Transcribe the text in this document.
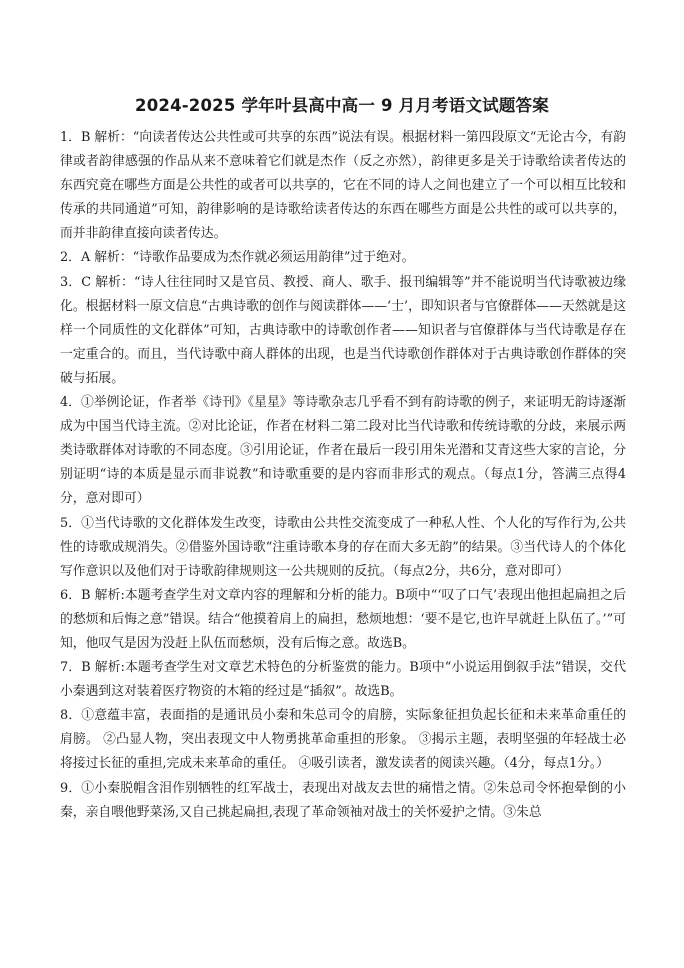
2024-2025 学年叶县高中高一 9 月月考语文试题答案

1．B 解析：“向读者传达公共性或可共享的东西”说法有误。根据材料一第四段原文“无论古今，有韵律或者韵律感强的作品从来不意味着它们就是杰作（反之亦然），韵律更多是关于诗歌给读者传达的东西究竟在哪些方面是公共性的或者可以共享的，它在不同的诗人之间也建立了一个可以相互比较和传承的共同通道”可知，韵律影响的是诗歌给读者传达的东西在哪些方面是公共性的或可以共享的，而并非韵律直接向读者传达。

2．A 解析：“诗歌作品要成为杰作就必须运用韵律”过于绝对。

3．C 解析：“诗人往往同时又是官员、教授、商人、歌手、报刊编辑等”并不能说明当代诗歌被边缘化。根据材料一原文信息“古典诗歌的创作与阅读群体——‘士’，即知识者与官僚群体——天然就是这样一个同质性的文化群体”可知，古典诗歌中的诗歌创作者——知识者与官僚群体与当代诗歌是存在一定重合的。而且，当代诗歌中商人群体的出现，也是当代诗歌创作群体对于古典诗歌创作群体的突破与拓展。

4．①举例论证，作者举《诗刊》《星星》等诗歌杂志几乎看不到有韵诗歌的例子，来证明无韵诗逐渐成为中国当代诗主流。②对比论证，作者在材料二第二段对比当代诗歌和传统诗歌的分歧，来展示两类诗歌群体对诗歌的不同态度。③引用论证，作者在最后一段引用朱光潜和艾青这些大家的言论，分别证明“诗的本质是显示而非说教”和诗歌重要的是内容而非形式的观点。（每点1分，答满三点得4分，意对即可）

5．①当代诗歌的文化群体发生改变，诗歌由公共性交流变成了一种私人性、个人化的写作行为,公共性的诗歌成规消失。②借鉴外国诗歌“注重诗歌本身的存在而大多无韵”的结果。③当代诗人的个体化写作意识以及他们对于诗歌韵律规则这一公共规则的反抗。（每点2分，共6分，意对即可）

6．B 解析:本题考查学生对文章内容的理解和分析的能力。B项中“‘叹了口气’表现出他担起扁担之后的愁烦和后悔之意”错误。结合“他摸着肩上的扁担，愁烦地想：‘要不是它,也许早就赶上队伍了。’”可知，他叹气是因为没赶上队伍而愁烦，没有后悔之意。故选B。

7．B 解析:本题考查学生对文章艺术特色的分析鉴赏的能力。B项中“小说运用倒叙手法”错误，交代小秦遇到这对装着医疗物资的木箱的经过是“插叙”。故选B。

8．①意蕴丰富，表面指的是通讯员小秦和朱总司令的肩膀，实际象征担负起长征和未来革命重任的肩膀。 ②凸显人物，突出表现文中人物勇挑革命重担的形象。 ③揭示主题，表明坚强的年轻战士必将接过长征的重担,完成未来革命的重任。 ④吸引读者，激发读者的阅读兴趣。（4分，每点1分。）

9．①小秦脱帽含泪作别牺牲的红军战士，表现出对战友去世的痛惜之情。②朱总司令怀抱晕倒的小秦，亲自喂他野菜汤,又自己挑起扁担,表现了革命领袖对战士的关怀爱护之情。③朱总
